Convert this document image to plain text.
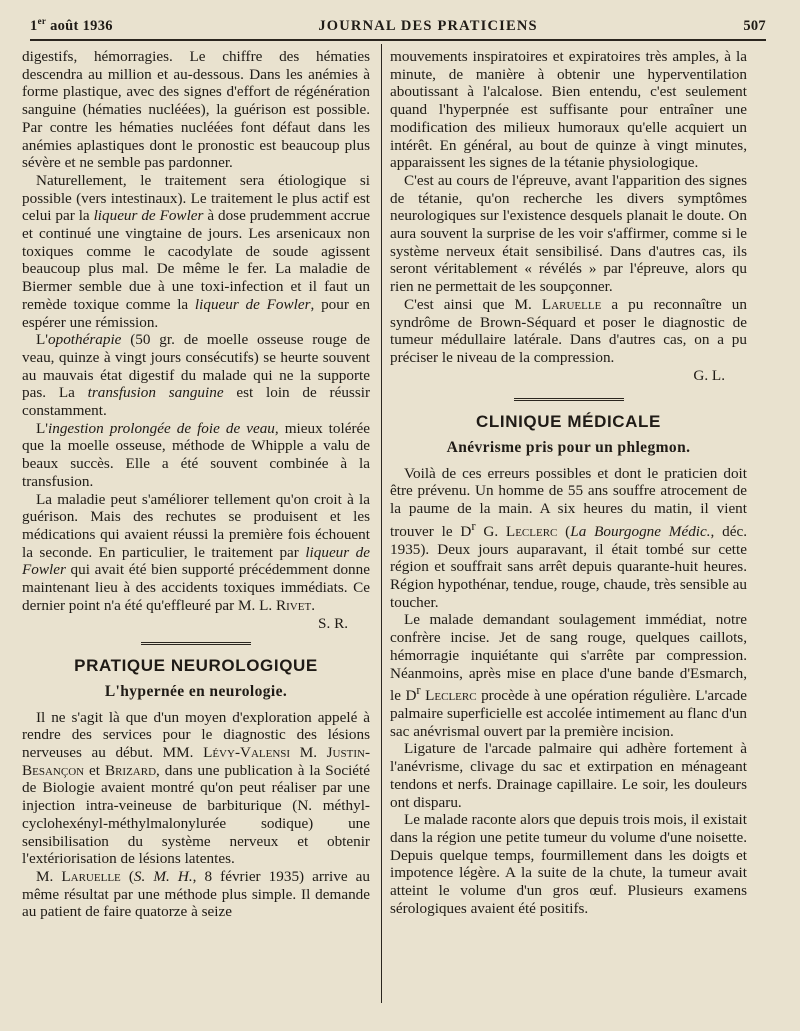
1er août 1936	JOURNAL DES PRATICIENS	507

digestifs, hémorragies. Le chiffre des hématies descendra au million et au-dessous. Dans les anémies à forme plastique, avec des signes d'effort de régénération sanguine (hématies nucléées), la guérison est possible. Par contre les hématies nucléées font défaut dans les anémies aplastiques dont le pronostic est beaucoup plus sévère et ne semble pas pardonner.

Naturellement, le traitement sera étiologique si possible (vers intestinaux). Le traitement le plus actif est celui par la liqueur de Fowler à dose prudemment accrue et continué une vingtaine de jours. Les arsenicaux non toxiques comme le cacodylate de soude agissent beaucoup plus mal. De même le fer. La maladie de Biermer semble due à une toxi-infection et il faut un remède toxique comme la liqueur de Fowler, pour en espérer une rémission.

L'opothérapie (50 gr. de moelle osseuse rouge de veau, quinze à vingt jours consécutifs) se heurte souvent au mauvais état digestif du malade qui ne la supporte pas. La transfusion sanguine est loin de réussir constamment.

L'ingestion prolongée de foie de veau, mieux tolérée que la moelle osseuse, méthode de Whipple a valu de beaux succès. Elle a été souvent combinée à la transfusion.

La maladie peut s'améliorer tellement qu'on croit à la guérison. Mais des rechutes se produisent et les médications qui avaient réussi la première fois échouent la seconde. En particulier, le traitement par liqueur de Fowler qui avait été bien supporté précédemment donne maintenant lieu à des accidents toxiques immédiats. Ce dernier point n'a été qu'effleuré par M. L. Rivet.

S. R.

PRATIQUE NEUROLOGIQUE
L'hypernée en neurologie.

Il ne s'agit là que d'un moyen d'exploration appelé à rendre des services pour le diagnostic des lésions nerveuses au début. MM. Lévy-Valensi M. Justin-Besançon et Brizard, dans une publication à la Société de Biologie avaient montré qu'on peut réaliser par une injection intra-veineuse de barbiturique (N. méthyl-cyclohexényl-méthylmalonylurée sodique) une sensibilisation du système nerveux et obtenir l'extériorisation de lésions latentes.

M. Laruelle (S. M. H., 8 février 1935) arrive au même résultat par une méthode plus simple. Il demande au patient de faire quatorze à seize

mouvements inspiratoires et expiratoires très amples, à la minute, de manière à obtenir une hyperventilation aboutissant à l'alcalose. Bien entendu, c'est seulement quand l'hyperpnée est suffisante pour entraîner une modification des milieux humoraux qu'elle acquiert un intérêt. En général, au bout de quinze à vingt minutes, apparaissent les signes de la tétanie physiologique.

C'est au cours de l'épreuve, avant l'apparition des signes de tétanie, qu'on recherche les divers symptômes neurologiques sur l'existence desquels planait le doute. On aura souvent la surprise de les voir s'affirmer, comme si le système nerveux était sensibilisé. Dans d'autres cas, ils seront véritablement « révélés » par l'épreuve, alors qu rien ne permettait de les soupçonner.

C'est ainsi que M. Laruelle a pu reconnaître un syndrôme de Brown-Séquard et poser le diagnostic de tumeur médullaire latérale. Dans d'autres cas, on a pu préciser le niveau de la compression.

G. L.

CLINIQUE MÉDICALE
Anévrisme pris pour un phlegmon.

Voilà de ces erreurs possibles et dont le praticien doit être prévenu. Un homme de 55 ans souffre atrocement de la paume de la main. A six heures du matin, il vient trouver le $D^r$ G. Leclerc (La Bourgogne Médic., déc. 1935). Deux jours auparavant, il était tombé sur cette région et souffrait sans arrêt depuis quarante-huit heures. Région hypothénar, tendue, rouge, chaude, très sensible au toucher.

Le malade demandant soulagement immédiat, notre confrère incise. Jet de sang rouge, quelques caillots, hémorragie inquiétante qui s'arrête par compression. Néanmoins, après mise en place d'une bande d'Esmarch, le $D^r$ Leclerc procède à une opération régulière. L'arcade palmaire superficielle est accolée intimement au flanc d'un sac anévrismal ouvert par la première incision.

Ligature de l'arcade palmaire qui adhère fortement à l'anévrisme, clivage du sac et extirpation en ménageant tendons et nerfs. Drainage capillaire. Le soir, les douleurs ont disparu.

Le malade raconte alors que depuis trois mois, il existait dans la région une petite tumeur du volume d'une noisette. Depuis quelque temps, fourmillement dans les doigts et impotence légère. A la suite de la chute, la tumeur avait atteint le volume d'un gros œuf. Plusieurs examens sérologiques avaient été positifs.
